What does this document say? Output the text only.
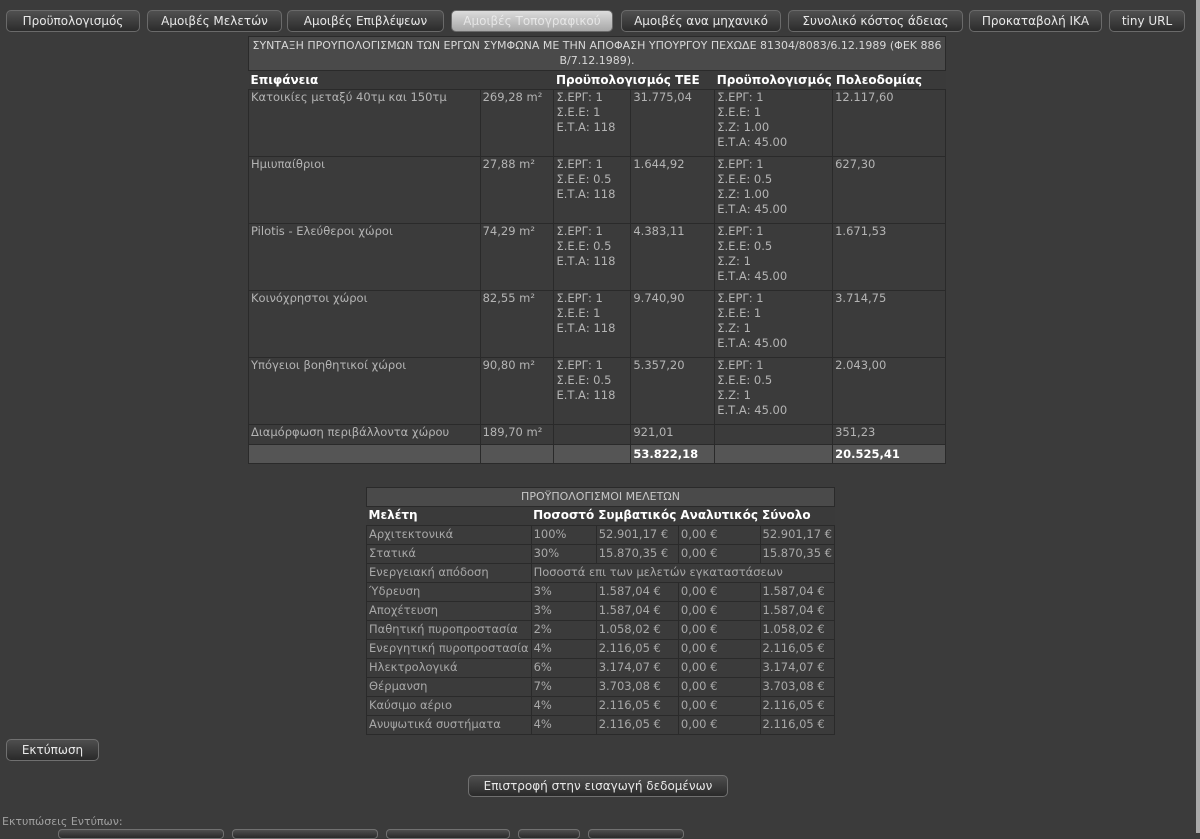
Προϋπολογισμός	Αμοιβές Μελετών	Αμοιβές Επιβλέψεων	Αμοιβές Τοπογραφικού	Αμοιβές ανα μηχανικό	Συνολικό κόστος άδειας	Προκαταβολή ΙΚΑ	tiny URL
ΣΥΝΤΑΞΗ ΠΡΟΥΠΟΛΟΓΙΣΜΩΝ ΤΩΝ ΕΡΓΩΝ ΣΥΜΦΩΝΑ ΜΕ ΤΗΝ ΑΠΟΦΑΣΗ ΥΠΟΥΡΓΟΥ ΠΕΧΩΔΕ 81304/8083/6.12.1989 (ΦΕΚ 886 Β/7.12.1989).					
Επιφάνεια		Προϋπολογισμός ΤΕΕ		Προϋπολογισμός Πολεοδομίας	
Κατοικίες μεταξύ 40τμ και 150τμ	269,28 m²	Σ.ΕΡΓ: 1
Σ.Ε.Ε: 1
Ε.Τ.Α: 118	31.775,04	Σ.ΕΡΓ: 1
Σ.Ε.Ε: 1
Σ.Ζ: 1.00
Ε.Τ.Α: 45.00	12.117,60
Ημιυπαίθριοι	27,88 m²	Σ.ΕΡΓ: 1
Σ.Ε.Ε: 0.5
Ε.Τ.Α: 118	1.644,92	Σ.ΕΡΓ: 1
Σ.Ε.Ε: 0.5
Σ.Ζ: 1.00
Ε.Τ.Α: 45.00	627,30
Pilotis - Ελεύθεροι χώροι	74,29 m²	Σ.ΕΡΓ: 1
Σ.Ε.Ε: 0.5
Ε.Τ.Α: 118	4.383,11	Σ.ΕΡΓ: 1
Σ.Ε.Ε: 0.5
Σ.Ζ: 1
Ε.Τ.Α: 45.00	1.671,53
Κοινόχρηστοι χώροι	82,55 m²	Σ.ΕΡΓ: 1
Σ.Ε.Ε: 1
Ε.Τ.Α: 118	9.740,90	Σ.ΕΡΓ: 1
Σ.Ε.Ε: 1
Σ.Ζ: 1
Ε.Τ.Α: 45.00	3.714,75
Υπόγειοι βοηθητικοί χώροι	90,80 m²	Σ.ΕΡΓ: 1
Σ.Ε.Ε: 0.5
Ε.Τ.Α: 118	5.357,20	Σ.ΕΡΓ: 1
Σ.Ε.Ε: 0.5
Σ.Ζ: 1
Ε.Τ.Α: 45.00	2.043,00
Διαμόρφωση περιβάλλοντα χώρου	189,70 m²		921,01		351,23
			53.822,18		20.525,41
ΠΡΟΫΠΟΛΟΓΙΣΜΟΙ ΜΕΛΕΤΩΝ				
Μελέτη	Ποσοστό	Συμβατικός	Αναλυτικός	Σύνολο
Αρχιτεκτονικά	100%	52.901,17 €	0,00 €	52.901,17 €
Στατικά	30%	15.870,35 €	0,00 €	15.870,35 €
Ενεργειακή απόδοση	Ποσοστά επι των μελετών εγκαταστάσεων			
Ύδρευση	3%	1.587,04 €	0,00 €	1.587,04 €
Αποχέτευση	3%	1.587,04 €	0,00 €	1.587,04 €
Παθητική πυροπροστασία	2%	1.058,02 €	0,00 €	1.058,02 €
Ενεργητική πυροπροστασία	4%	2.116,05 €	0,00 €	2.116,05 €
Ηλεκτρολογικά	6%	3.174,07 €	0,00 €	3.174,07 €
Θέρμανση	7%	3.703,08 €	0,00 €	3.703,08 €
Καύσιμο αέριο	4%	2.116,05 €	0,00 €	2.116,05 €
Ανυψωτικά συστήματα	4%	2.116,05 €	0,00 €	2.116,05 €
Εκτύπωση
Επιστροφή στην εισαγωγή δεδομένων
Εκτυπώσεις Εντύπων:
